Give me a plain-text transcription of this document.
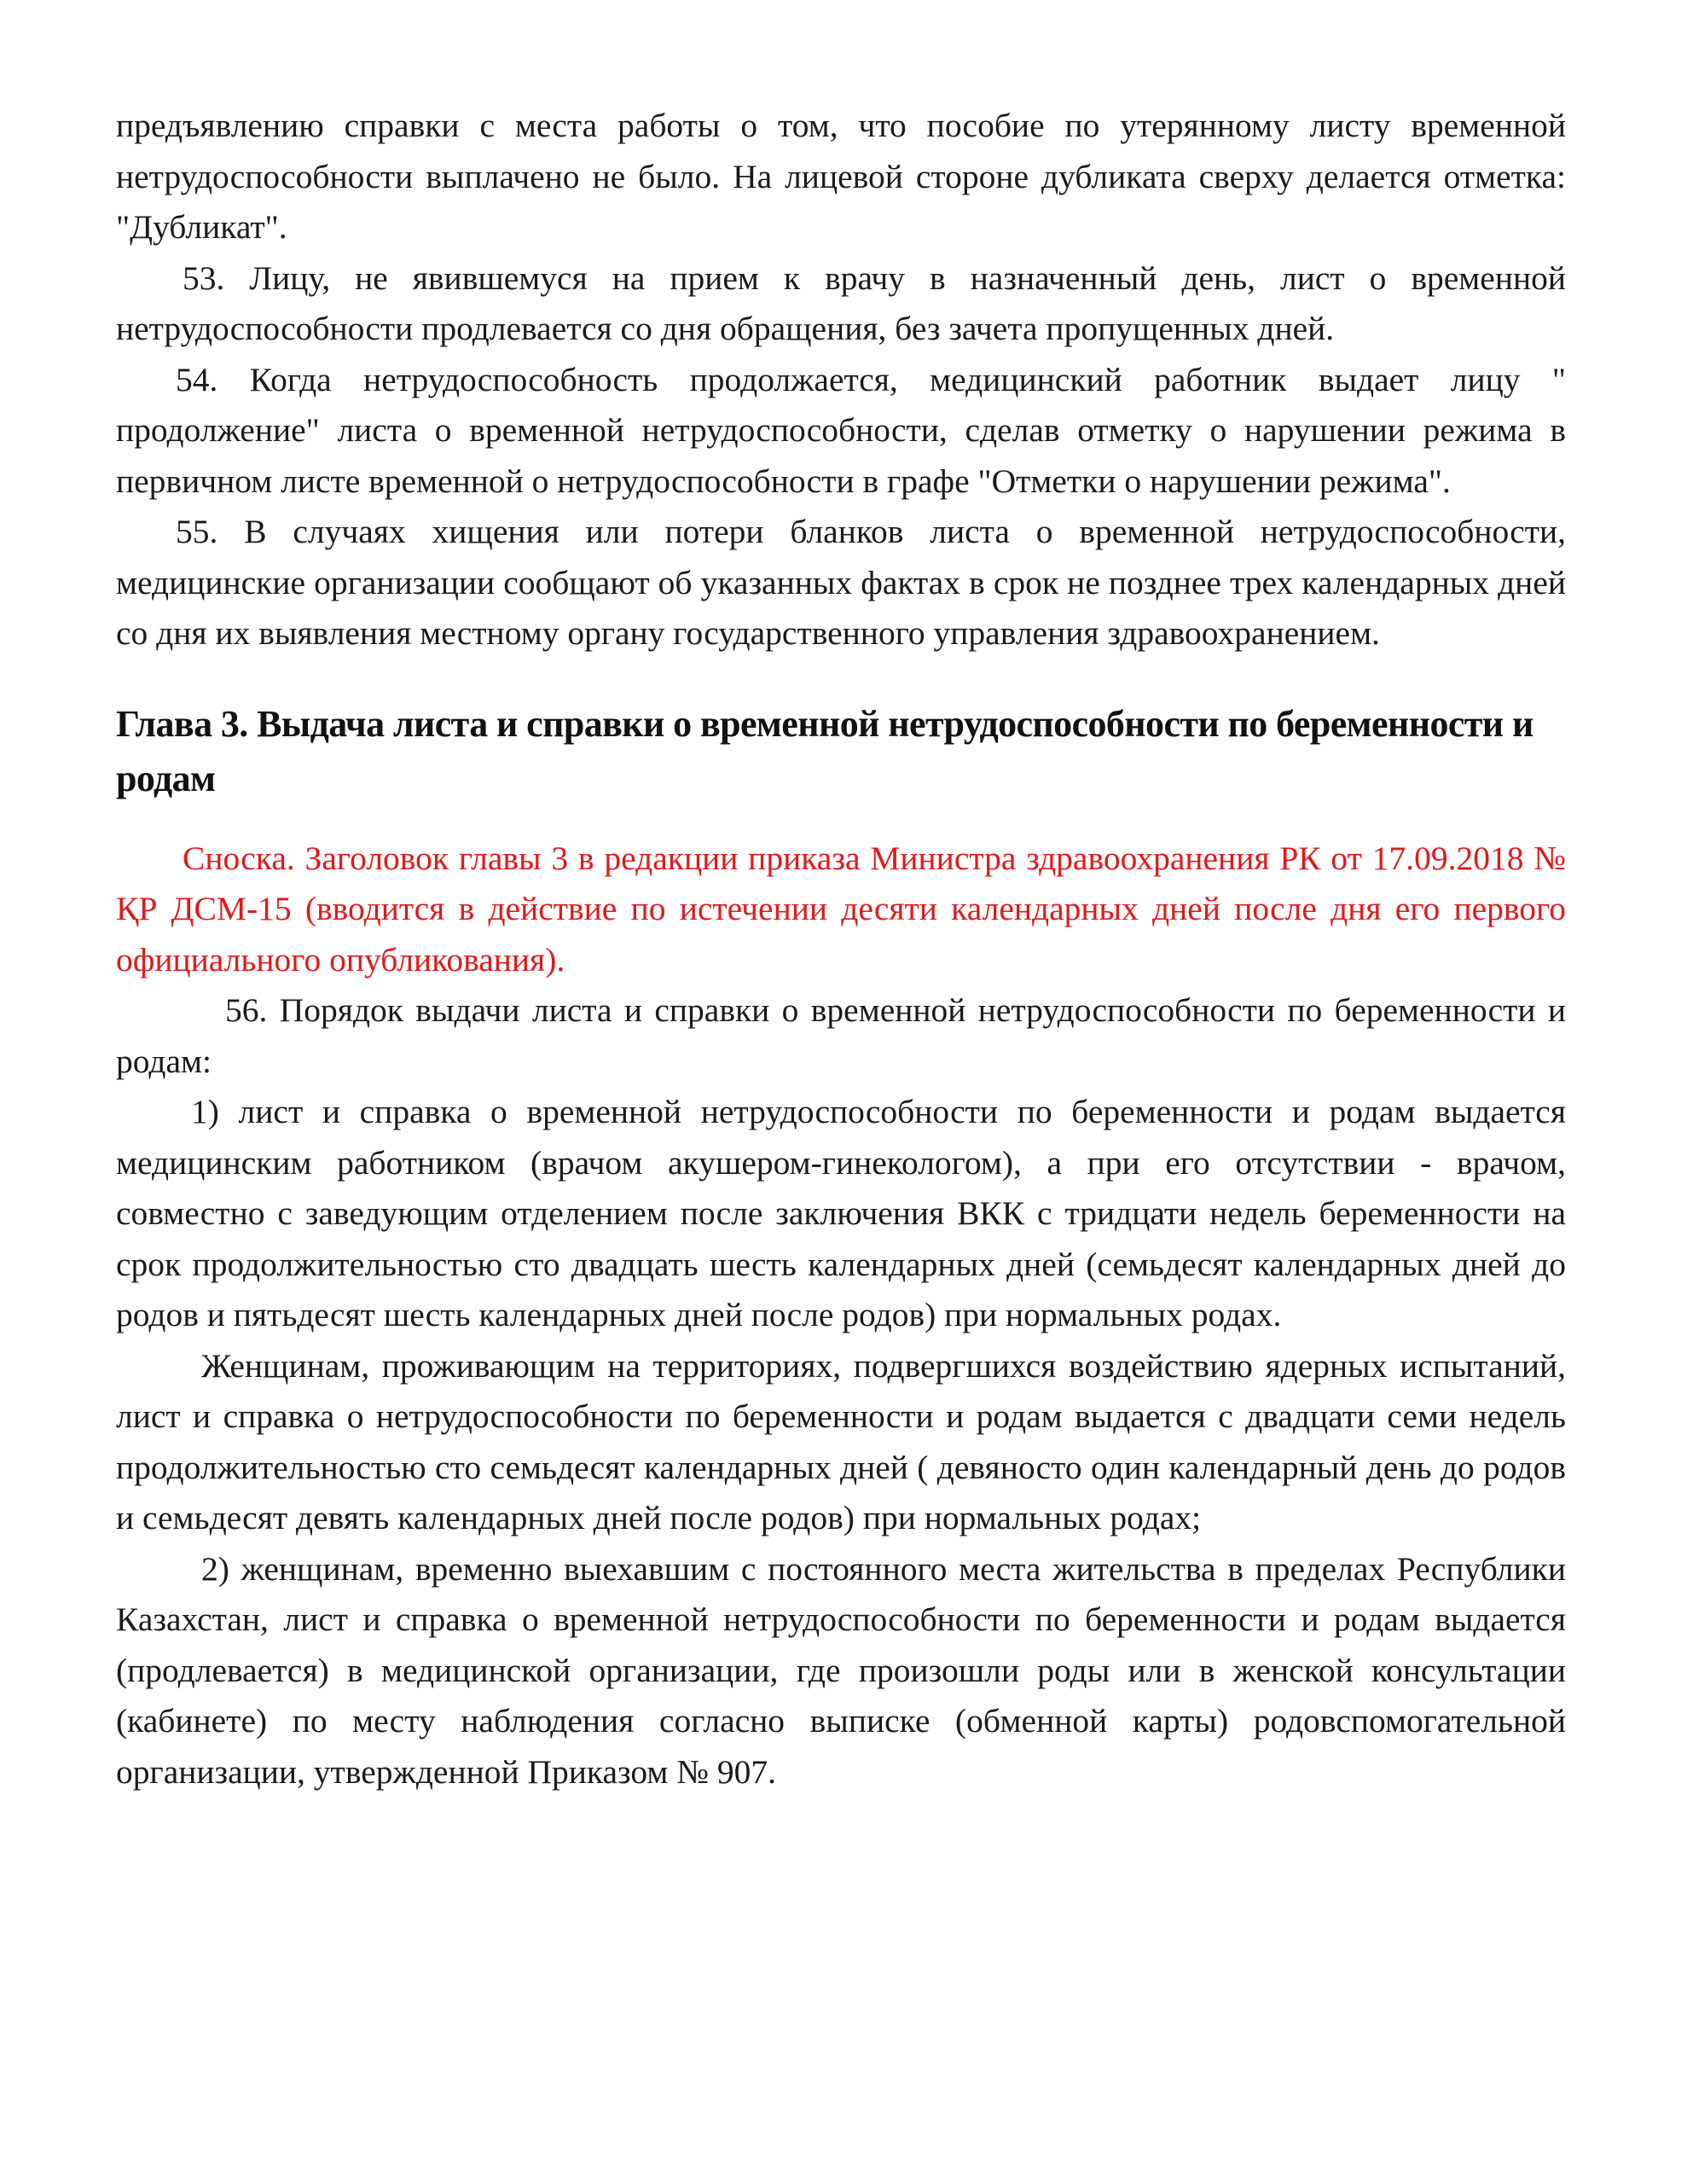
предъявлению справки с места работы о том, что пособие по утерянному листу временной нетрудоспособности выплачено не было. На лицевой стороне дубликата сверху делается отметка: "Дубликат".

53. Лицу, не явившемуся на прием к врачу в назначенный день, лист о временной нетрудоспособности продлевается со дня обращения, без зачета пропущенных дней.

54. Когда нетрудоспособность продолжается, медицинский работник выдает лицу " продолжение" листа о временной нетрудоспособности, сделав отметку о нарушении режима в первичном листе временной о нетрудоспособности в графе "Отметки о нарушении режима".

55. В случаях хищения или потери бланков листа о временной нетрудоспособности, медицинские организации сообщают об указанных фактах в срок не позднее трех календарных дней со дня их выявления местному органу государственного управления здравоохранением.

Глава 3. Выдача листа и справки о временной нетрудоспособности по беременности и родам

Сноска. Заголовок главы 3 в редакции приказа Министра здравоохранения РК от 17.09.2018 № ҚР ДСМ-15 (вводится в действие по истечении десяти календарных дней после дня его первого официального опубликования).

56. Порядок выдачи листа и справки о временной нетрудоспособности по беременности и родам:

1) лист и справка о временной нетрудоспособности по беременности и родам выдается медицинским работником (врачом акушером-гинекологом), а при его отсутствии - врачом, совместно с заведующим отделением после заключения ВКК с тридцати недель беременности на срок продолжительностью сто двадцать шесть календарных дней (семьдесят календарных дней до родов и пятьдесят шесть календарных дней после родов) при нормальных родах.

Женщинам, проживающим на территориях, подвергшихся воздействию ядерных испытаний, лист и справка о нетрудоспособности по беременности и родам выдается с двадцати семи недель продолжительностью сто семьдесят календарных дней ( девяносто один календарный день до родов и семьдесят девять календарных дней после родов) при нормальных родах;

2) женщинам, временно выехавшим с постоянного места жительства в пределах Республики Казахстан, лист и справка о временной нетрудоспособности по беременности и родам выдается (продлевается) в медицинской организации, где произошли роды или в женской консультации (кабинете) по месту наблюдения согласно выписке (обменной карты) родовспомогательной организации, утвержденной Приказом № 907.
